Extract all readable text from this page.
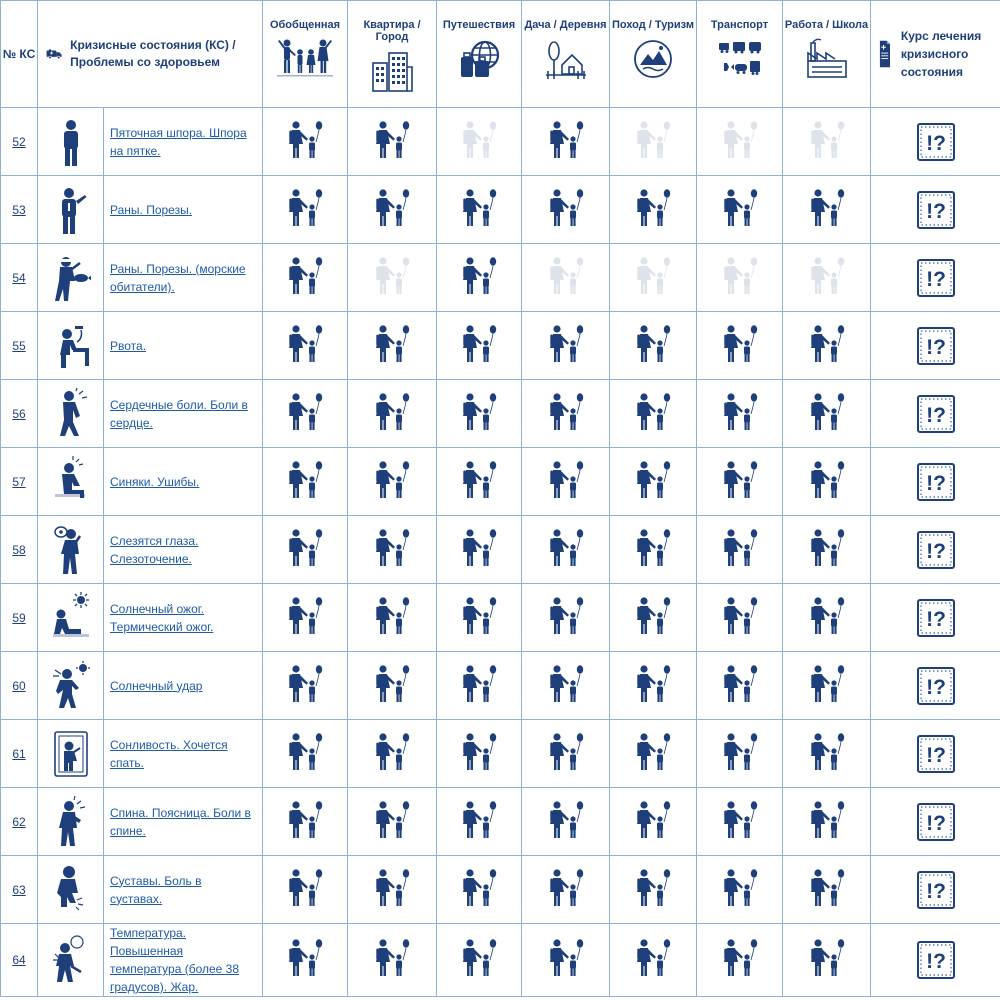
№ КС	Кризисные состояния (КС) / Проблемы со здоровьем		Обобщенная	Квартира / Город	Путешествия	Дача / Деревня	Поход / Туризм	Транспорт	Работа / Школа	Курс лечения кризисного состояния

52		Пяточная шпора. Шпора на пятке.								!?

53		Раны. Порезы.								!?

54		Раны. Порезы. (морские обитатели).								!?

55		Рвота.								!?

56		Сердечные боли. Боли в сердце.								!?

57		Синяки. Ушибы.								!?

58		Слезятся глаза. Слезоточение.								!?

59		Солнечный ожог. Термический ожог.								!?

60		Солнечный удар								!?

61		Сонливость. Хочется спать.								!?

62		Спина. Поясница. Боли в спине.								!?

63		Суставы. Боль в суставах.								!?

64		Температура. Повышенная температура (более 38 градусов). Жар.								!?
